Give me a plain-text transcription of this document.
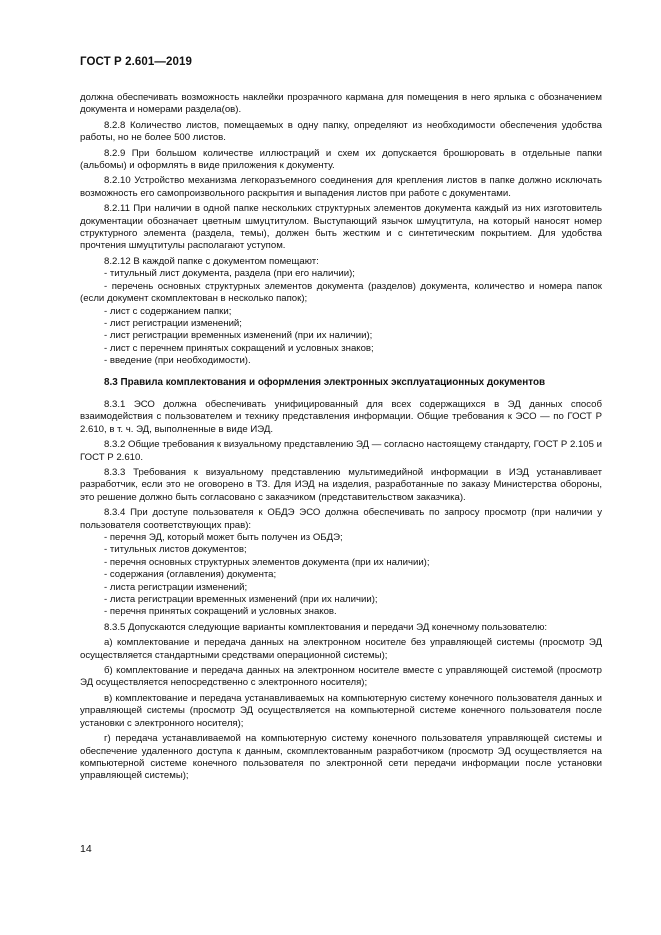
ГОСТ Р 2.601—2019

должна обеспечивать возможность наклейки прозрачного кармана для помещения в него ярлыка с обозначением документа и номерами раздела(ов).

8.2.8 Количество листов, помещаемых в одну папку, определяют из необходимости обеспечения удобства работы, но не более 500 листов.

8.2.9 При большом количестве иллюстраций и схем их допускается брошюровать в отдельные папки (альбомы) и оформлять в виде приложения к документу.

8.2.10 Устройство механизма легкоразъемного соединения для крепления листов в папке должно исключать возможность его самопроизвольного раскрытия и выпадения листов при работе с документами.

8.2.11 При наличии в одной папке нескольких структурных элементов документа каждый из них изготовитель документации обозначает цветным шмуцтитулом. Выступающий язычок шмуцтитула, на который наносят номер структурного элемента (раздела, темы), должен быть жестким и с синтетическим покрытием. Для удобства прочтения шмуцтитулы располагают уступом.

8.2.12 В каждой папке с документом помещают:

- титульный лист документа, раздела (при его наличии);

- перечень основных структурных элементов документа (разделов) документа, количество и номера папок (если документ скомплектован в несколько папок);

- лист с содержанием папки;

- лист регистрации изменений;

- лист регистрации временных изменений (при их наличии);

- лист с перечнем принятых сокращений и условных знаков;

- введение (при необходимости).

8.3 Правила комплектования и оформления электронных эксплуатационных документов

8.3.1 ЭСО должна обеспечивать унифицированный для всех содержащихся в ЭД данных способ взаимодействия с пользователем и технику представления информации. Общие требования к ЭСО — по ГОСТ Р 2.610, в т. ч. ЭД, выполненные в виде ИЭД.

8.3.2 Общие требования к визуальному представлению ЭД — согласно настоящему стандарту, ГОСТ Р 2.105 и ГОСТ Р 2.610.

8.3.3 Требования к визуальному представлению мультимедийной информации в ИЭД устанавливает разработчик, если это не оговорено в ТЗ. Для ИЭД на изделия, разработанные по заказу Министерства обороны, это решение должно быть согласовано с заказчиком (представительством заказчика).

8.3.4 При доступе пользователя к ОБДЭ ЭСО должна обеспечивать по запросу просмотр (при наличии у пользователя соответствующих прав):

- перечня ЭД, который может быть получен из ОБДЭ;

- титульных листов документов;

- перечня основных структурных элементов документа (при их наличии);

- содержания (оглавления) документа;

- листа регистрации изменений;

- листа регистрации временных изменений (при их наличии);

- перечня принятых сокращений и условных знаков.

8.3.5 Допускаются следующие варианты комплектования и передачи ЭД конечному пользователю:

а) комплектование и передача данных на электронном носителе без управляющей системы (просмотр ЭД осуществляется стандартными средствами операционной системы);

б) комплектование и передача данных на электронном носителе вместе с управляющей системой (просмотр ЭД осуществляется непосредственно с электронного носителя);

в) комплектование и передача устанавливаемых на компьютерную систему конечного пользователя данных и управляющей системы (просмотр ЭД осуществляется на компьютерной системе конечного пользователя после установки с электронного носителя);

г) передача устанавливаемой на компьютерную систему конечного пользователя управляющей системы и обеспечение удаленного доступа к данным, скомплектованным разработчиком (просмотр ЭД осуществляется на компьютерной системе конечного пользователя по электронной сети передачи информации после установки управляющей системы);

14
